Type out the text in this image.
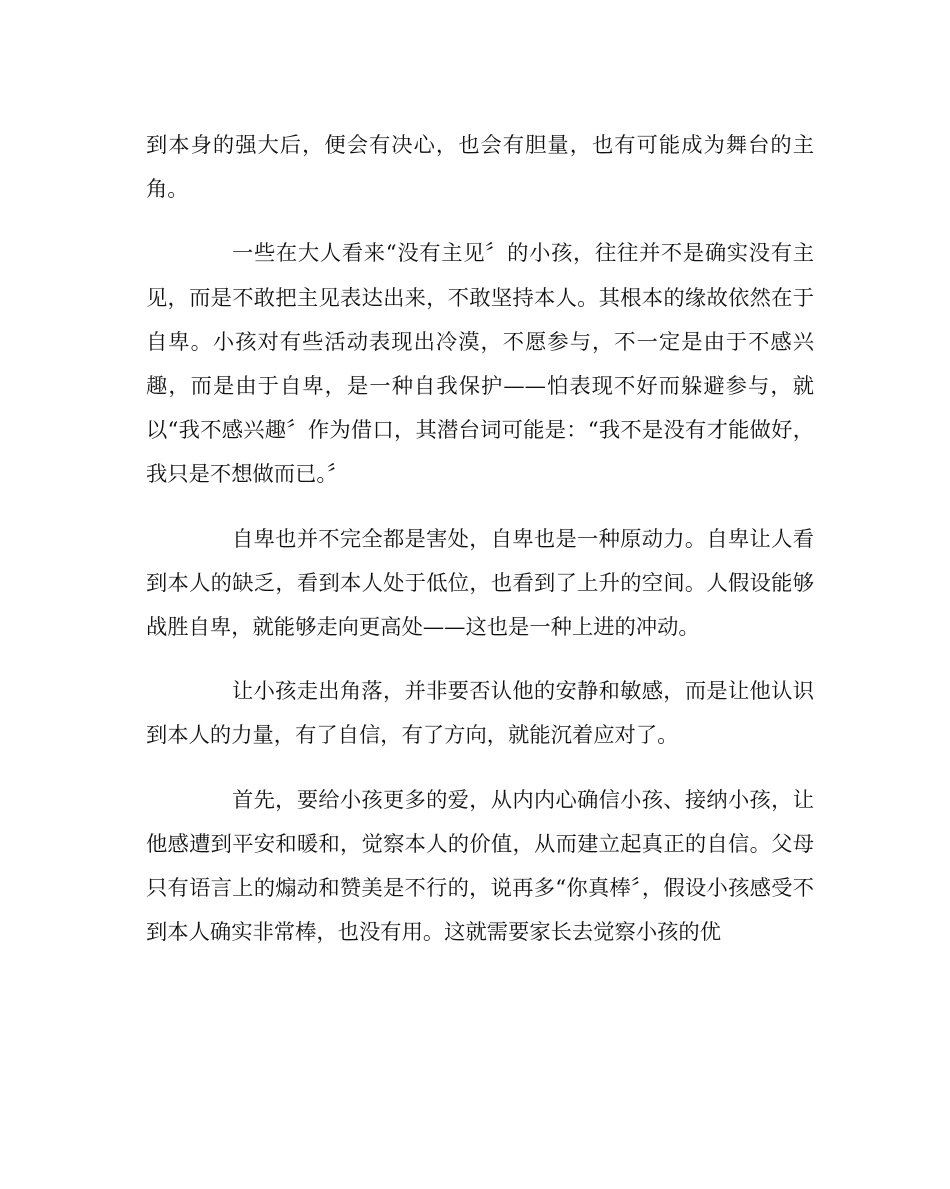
到本身的强大后，便会有决心，也会有胆量，也有可能成为舞台的主角。

一些在大人看来“没有主见〞的小孩，往往并不是确实没有主见，而是不敢把主见表达出来，不敢坚持本人。其根本的缘故依然在于自卑。小孩对有些活动表现出冷漠，不愿参与，不一定是由于不感兴趣，而是由于自卑，是一种自我保护——怕表现不好而躲避参与，就以“我不感兴趣〞作为借口，其潜台词可能是：“我不是没有才能做好，我只是不想做而已。〞

自卑也并不完全都是害处，自卑也是一种原动力。自卑让人看到本人的缺乏，看到本人处于低位，也看到了上升的空间。人假设能够战胜自卑，就能够走向更高处——这也是一种上进的冲动。

让小孩走出角落，并非要否认他的安静和敏感，而是让他认识到本人的力量，有了自信，有了方向，就能沉着应对了。

首先，要给小孩更多的爱，从内内心确信小孩、接纳小孩，让他感遭到平安和暖和，觉察本人的价值，从而建立起真正的自信。父母只有语言上的煽动和赞美是不行的，说再多“你真棒〞，假设小孩感受不到本人确实非常棒，也没有用。这就需要家长去觉察小孩的优
